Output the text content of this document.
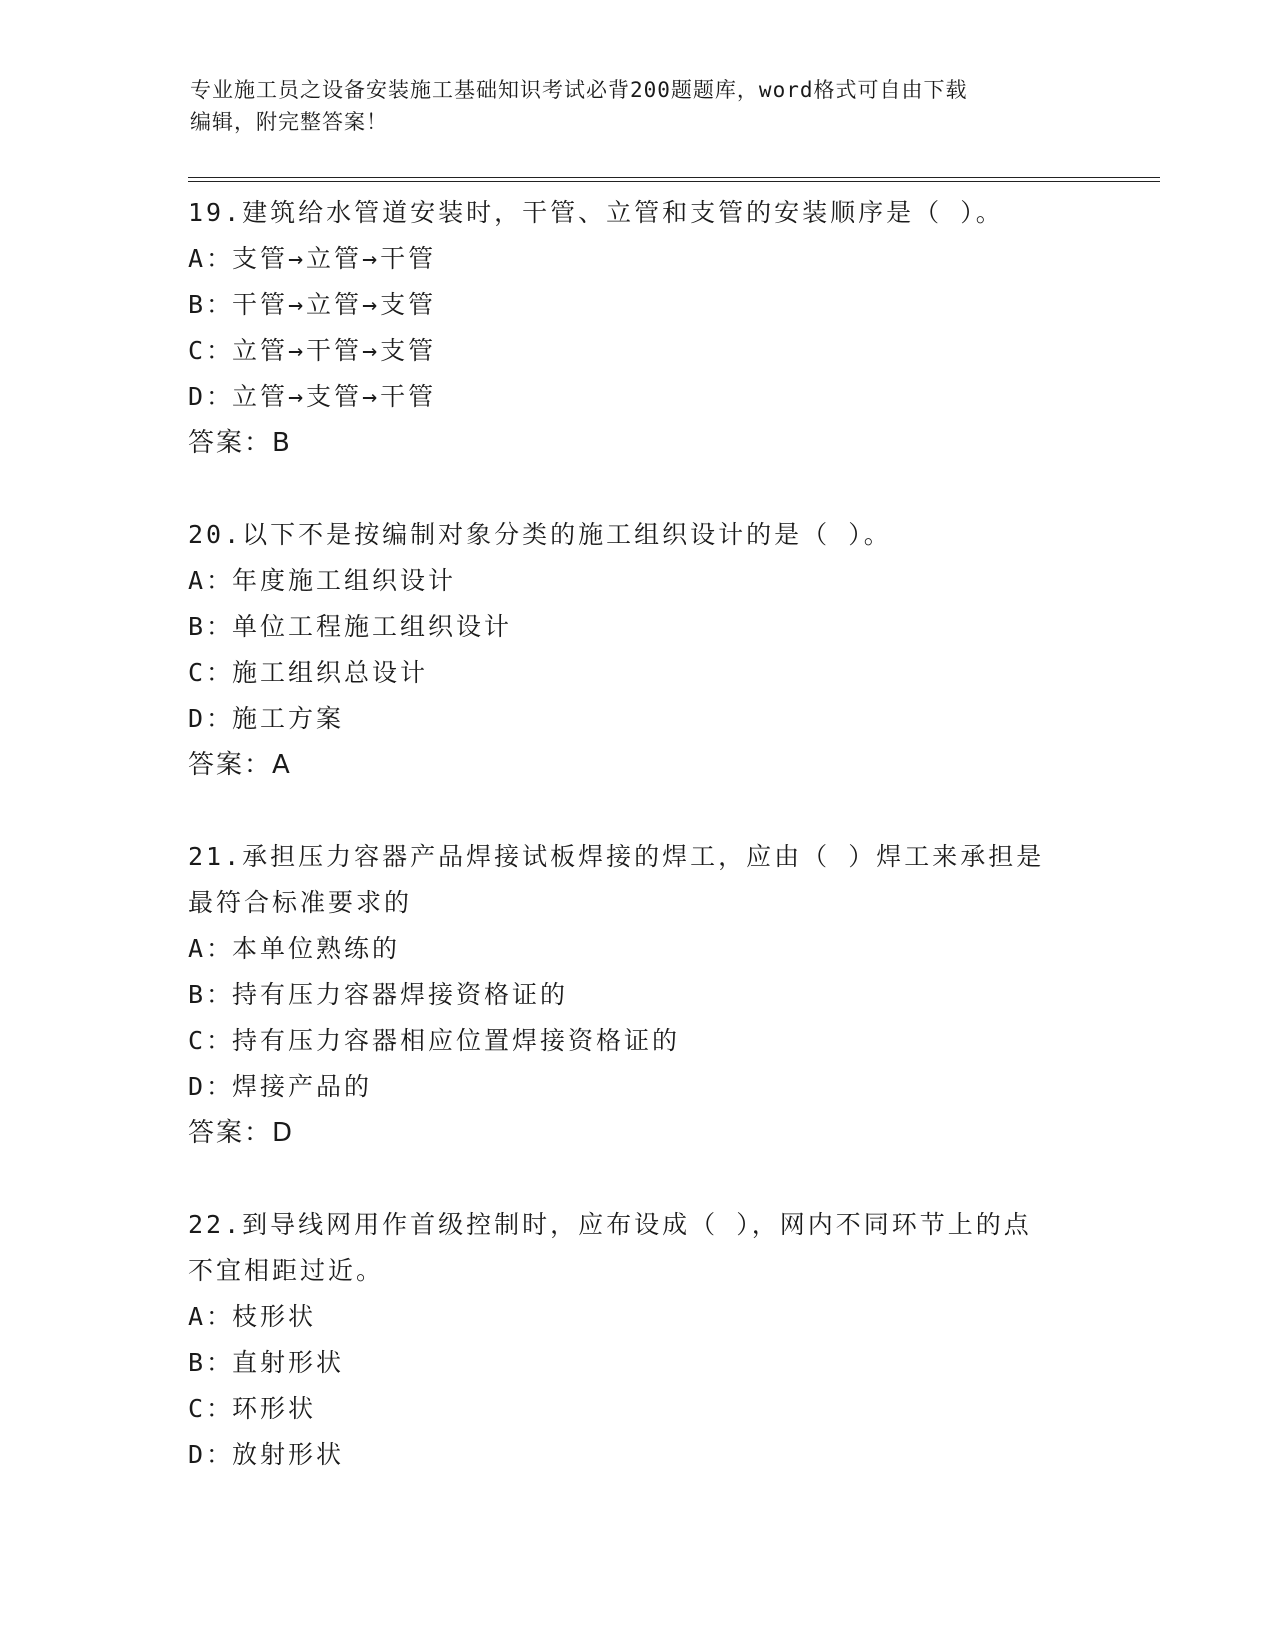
专业施工员之设备安装施工基础知识考试必背200题题库，word格式可自由下载
编辑，附完整答案！

19.建筑给水管道安装时，干管、立管和支管的安装顺序是（ ）。

A：支管→立管→干管

B：干管→立管→支管

C：立管→干管→支管

D：立管→支管→干管

答案：B

20.以下不是按编制对象分类的施工组织设计的是（ ）。

A：年度施工组织设计

B：单位工程施工组织设计

C：施工组织总设计

D：施工方案

答案：A

21.承担压力容器产品焊接试板焊接的焊工，应由（ ）焊工来承担是

最符合标准要求的

A：本单位熟练的

B：持有压力容器焊接资格证的

C：持有压力容器相应位置焊接资格证的

D：焊接产品的

答案：D

22.到导线网用作首级控制时，应布设成（ ），网内不同环节上的点

不宜相距过近。

A：枝形状

B：直射形状

C：环形状

D：放射形状
